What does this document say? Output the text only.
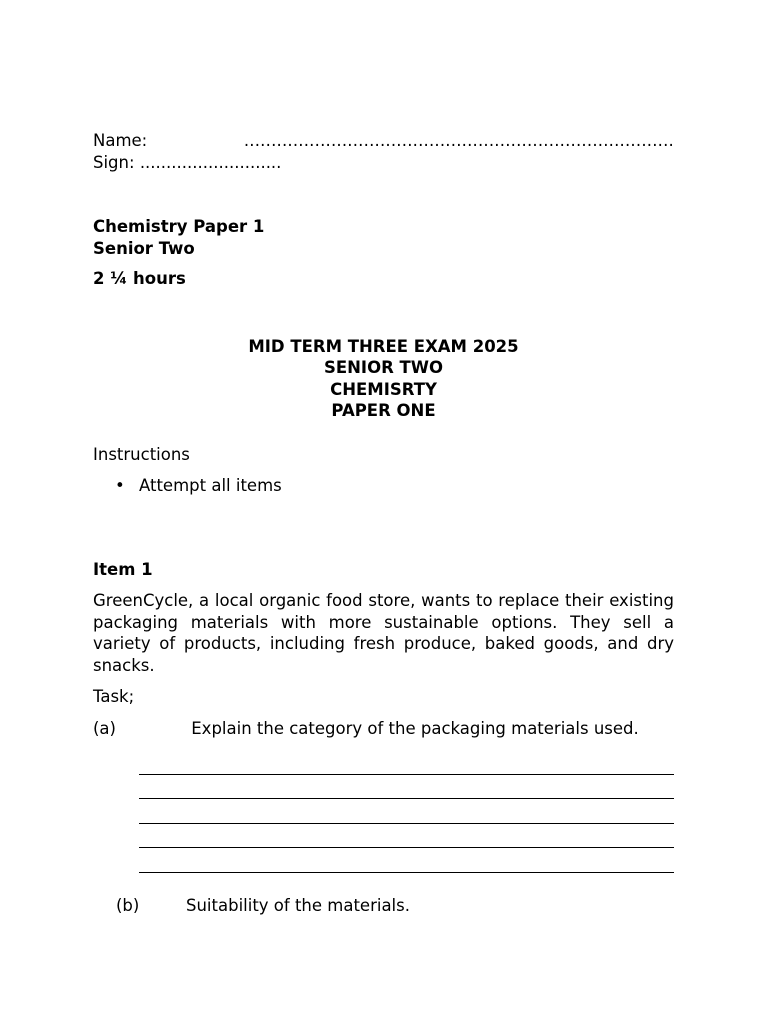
Name:	...............................................................................
Sign:
...........................
Chemistry Paper 1
Senior Two
2 ¼ hours
MID TERM THREE EXAM 2025
SENIOR TWO
CHEMISRTY
PAPER ONE
Instructions
• Attempt all items
Item 1
GreenCycle, a local organic food store, wants to replace their existing packaging materials with more sustainable options. They sell a variety of products, including fresh produce, baked goods, and dry snacks.
Task;
(a)	Explain the category of the packaging materials used.
(b)	Suitability of the materials.
